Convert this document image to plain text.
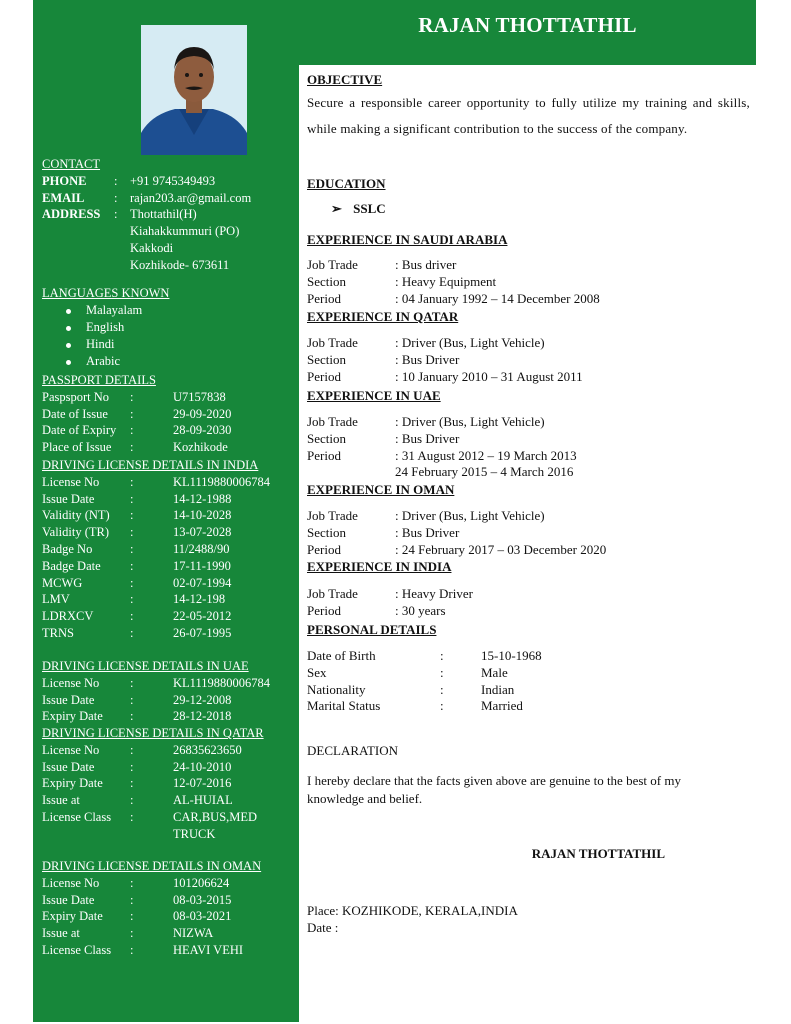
CONTACT
PHONE : +91 9745349493
EMAIL : rajan203.ar@gmail.com
ADDRESS : Thottathil(H)
Kiahakkummuri (PO)
Kakkodi
Kozhikode- 673611
LANGUAGES KNOWN
Malayalam
English
Hindi
Arabic
PASSPORT DETAILS
Paspsport No :	U7157838
Date of Issue :	29-09-2020
Date of Expiry :	28-09-2030
Place of Issue :	Kozhikode
DRIVING LICENSE DETAILS IN INDIA
License No :	KL1119880006784
Issue Date	:	14-12-1988
Validity (NT) :	14-10-2028
Validity (TR) :	13-07-2028
Badge No	:	11/2488/90
Badge Date :	17-11-1990
MCWG	:	02-07-1994
LMV	:	14-12-198
LDRXCV	:	22-05-2012
TRNS	:	26-07-1995
DRIVING LICENSE DETAILS IN UAE
License No :	KL1119880006784
Issue Date	:	29-12-2008
Expiry Date :	28-12-2018
DRIVING LICENSE DETAILS IN QATAR
License No :	26835623650
Issue Date	:	24-10-2010
Expiry Date :	12-07-2016
Issue at	:	AL-HUIAL
License Class :	CAR,BUS,MED
TRUCK
DRIVING LICENSE DETAILS IN OMAN
License No :	101206624
Issue Date	:	08-03-2015
Expiry Date :	08-03-2021
Issue at	:	NIZWA
License Class :	HEAVI VEHI
RAJAN THOTTATHIL
OBJECTIVE
Secure a responsible career opportunity to fully utilize my training and skills, while making a significant contribution to the success of the company.
EDUCATION
➢ SSLC
EXPERIENCE IN SAUDI ARABIA
Job Trade	: Bus driver
Section	: Heavy Equipment
Period	: 04 January 1992 – 14 December 2008
EXPERIENCE IN QATAR
Job Trade	: Driver (Bus, Light Vehicle)
Section	: Bus Driver
Period	: 10 January 2010 – 31 August 2011
EXPERIENCE IN UAE
Job Trade	: Driver (Bus, Light Vehicle)
Section	: Bus Driver
Period	: 31 August 2012 – 19 March 2013
24 February 2015 – 4 March 2016
EXPERIENCE IN OMAN
Job Trade	: Driver (Bus, Light Vehicle)
Section	: Bus Driver
Period	: 24 February 2017 – 03 December 2020
EXPERIENCE IN INDIA
Job Trade	: Heavy Driver
Period	: 30 years
PERSONAL DETAILS
Date of Birth	:	15-10-1968
Sex	:	Male
Nationality	:	Indian
Marital Status	:	Married
DECLARATION
I hereby declare that the facts given above are genuine to the best of my knowledge and belief.
RAJAN THOTTATHIL
Place: KOZHIKODE, KERALA,INDIA
Date :
